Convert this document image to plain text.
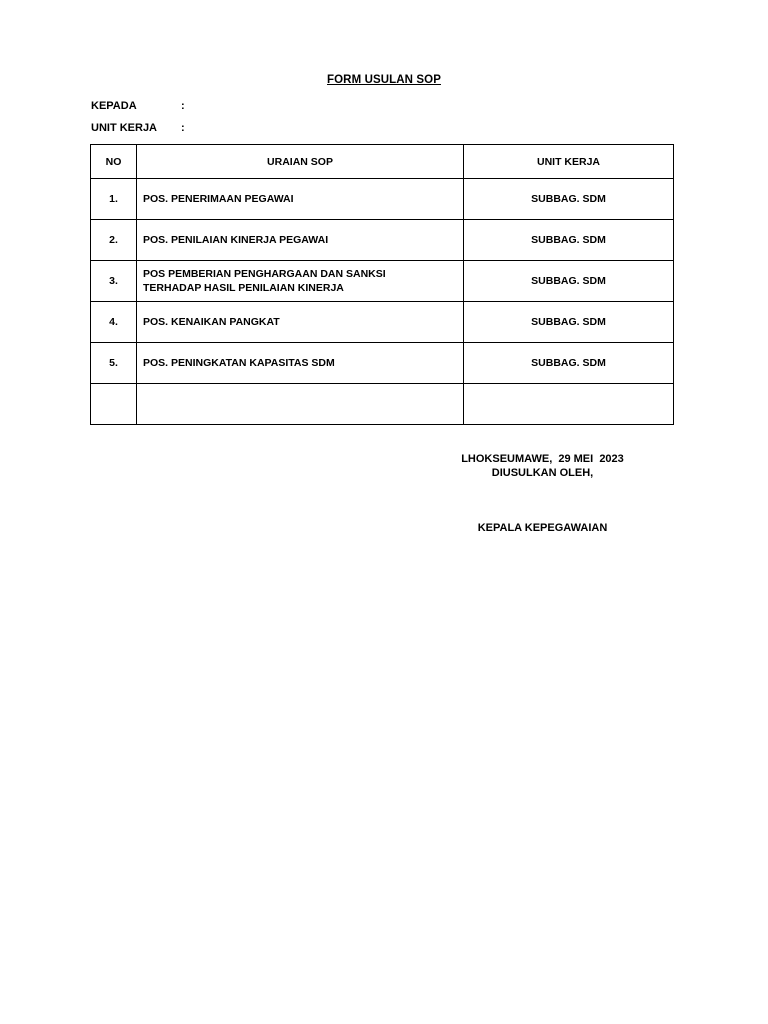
FORM USULAN SOP
KEPADA	:
UNIT KERJA :
NO	URAIAN SOP	UNIT KERJA
1.	POS. PENERIMAAN PEGAWAI	SUBBAG. SDM
2.	POS. PENILAIAN KINERJA PEGAWAI	SUBBAG. SDM
3.	POS PEMBERIAN PENGHARGAAN DAN SANKSI TERHADAP HASIL PENILAIAN KINERJA	SUBBAG. SDM
4.	POS. KENAIKAN PANGKAT	SUBBAG. SDM
5.	POS. PENINGKATAN KAPASITAS SDM	SUBBAG. SDM

LHOKSEUMAWE,  29 MEI  2023
DIUSULKAN OLEH,
KEPALA KEPEGAWAIAN
